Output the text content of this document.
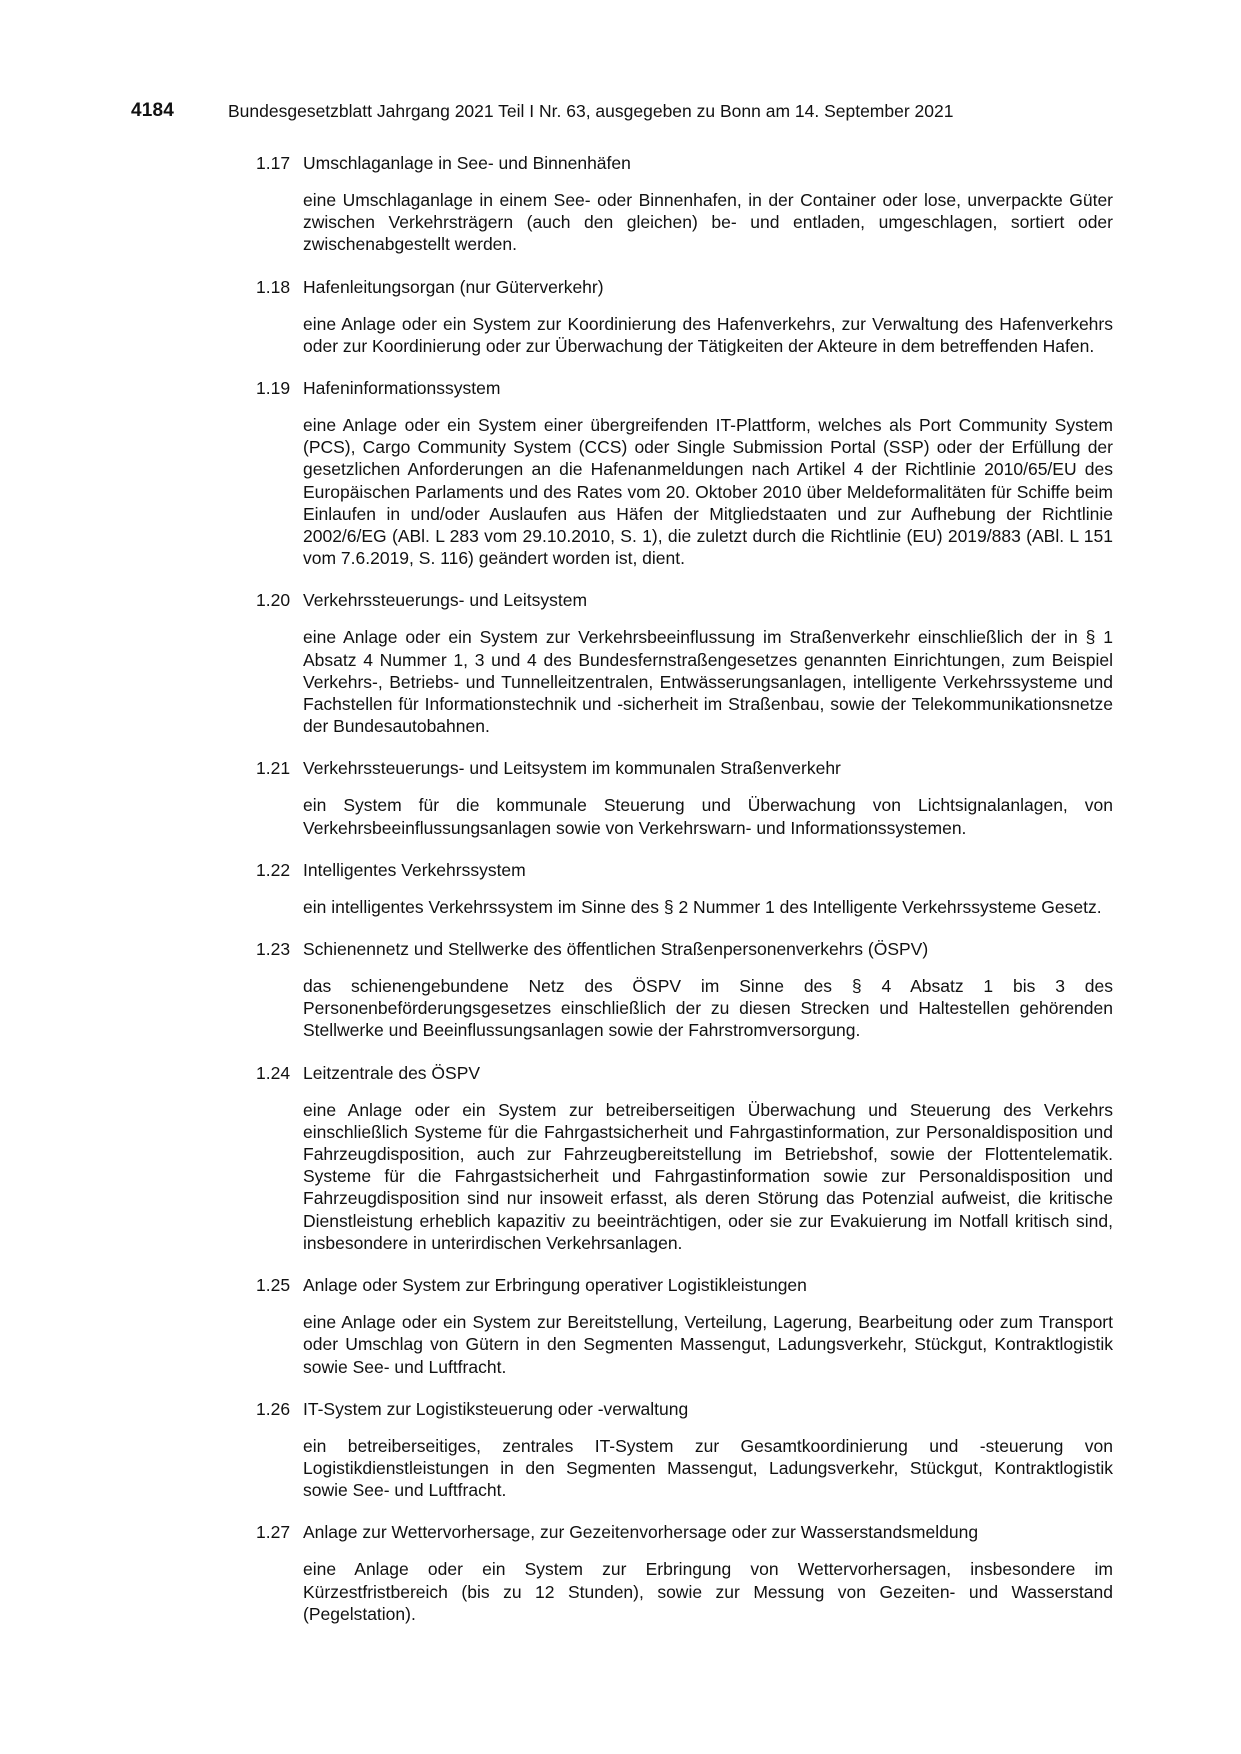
4184	Bundesgesetzblatt Jahrgang 2021 Teil I Nr. 63, ausgegeben zu Bonn am 14. September 2021
1.17 Umschlaganlage in See- und Binnenhäfen
eine Umschlaganlage in einem See- oder Binnenhafen, in der Container oder lose, unverpackte Güter zwischen Verkehrsträgern (auch den gleichen) be- und entladen, umgeschlagen, sortiert oder zwischenabgestellt werden.
1.18 Hafenleitungsorgan (nur Güterverkehr)
eine Anlage oder ein System zur Koordinierung des Hafenverkehrs, zur Verwaltung des Hafenverkehrs oder zur Koordinierung oder zur Überwachung der Tätigkeiten der Akteure in dem betreffenden Hafen.
1.19 Hafeninformationssystem
eine Anlage oder ein System einer übergreifenden IT-Plattform, welches als Port Community System (PCS), Cargo Community System (CCS) oder Single Submission Portal (SSP) oder der Erfüllung der gesetzlichen Anforderungen an die Hafenanmeldungen nach Artikel 4 der Richtlinie 2010/65/EU des Europäischen Parlaments und des Rates vom 20. Oktober 2010 über Meldeformalitäten für Schiffe beim Einlaufen in und/oder Auslaufen aus Häfen der Mitgliedstaaten und zur Aufhebung der Richtlinie 2002/6/EG (ABl. L 283 vom 29.10.2010, S. 1), die zuletzt durch die Richtlinie (EU) 2019/883 (ABl. L 151 vom 7.6.2019, S. 116) geändert worden ist, dient.
1.20 Verkehrssteuerungs- und Leitsystem
eine Anlage oder ein System zur Verkehrsbeeinflussung im Straßenverkehr einschließlich der in § 1 Absatz 4 Nummer 1, 3 und 4 des Bundesfernstraßengesetzes genannten Einrichtungen, zum Beispiel Verkehrs-, Betriebs- und Tunnelleitzentralen, Entwässerungsanlagen, intelligente Verkehrssysteme und Fachstellen für Informationstechnik und -sicherheit im Straßenbau, sowie der Telekommunikationsnetze der Bundesautobahnen.
1.21 Verkehrssteuerungs- und Leitsystem im kommunalen Straßenverkehr
ein System für die kommunale Steuerung und Überwachung von Lichtsignalanlagen, von Verkehrsbeeinflussungsanlagen sowie von Verkehrswarn- und Informationssystemen.
1.22 Intelligentes Verkehrssystem
ein intelligentes Verkehrssystem im Sinne des § 2 Nummer 1 des Intelligente Verkehrssysteme Gesetz.
1.23 Schienennetz und Stellwerke des öffentlichen Straßenpersonenverkehrs (ÖSPV)
das schienengebundene Netz des ÖSPV im Sinne des § 4 Absatz 1 bis 3 des Personenbeförderungsgesetzes einschließlich der zu diesen Strecken und Haltestellen gehörenden Stellwerke und Beeinflussungsanlagen sowie der Fahrstromversorgung.
1.24 Leitzentrale des ÖSPV
eine Anlage oder ein System zur betreiberseitigen Überwachung und Steuerung des Verkehrs einschließlich Systeme für die Fahrgastsicherheit und Fahrgastinformation, zur Personaldisposition und Fahrzeugdisposition, auch zur Fahrzeugbereitstellung im Betriebshof, sowie der Flottentelematik. Systeme für die Fahrgastsicherheit und Fahrgastinformation sowie zur Personaldisposition und Fahrzeugdisposition sind nur insoweit erfasst, als deren Störung das Potenzial aufweist, die kritische Dienstleistung erheblich kapazitiv zu beeinträchtigen, oder sie zur Evakuierung im Notfall kritisch sind, insbesondere in unterirdischen Verkehrsanlagen.
1.25 Anlage oder System zur Erbringung operativer Logistikleistungen
eine Anlage oder ein System zur Bereitstellung, Verteilung, Lagerung, Bearbeitung oder zum Transport oder Umschlag von Gütern in den Segmenten Massengut, Ladungsverkehr, Stückgut, Kontraktlogistik sowie See- und Luftfracht.
1.26 IT-System zur Logistiksteuerung oder -verwaltung
ein betreiberseitiges, zentrales IT-System zur Gesamtkoordinierung und -steuerung von Logistikdienstleistungen in den Segmenten Massengut, Ladungsverkehr, Stückgut, Kontraktlogistik sowie See- und Luftfracht.
1.27 Anlage zur Wettervorhersage, zur Gezeitenvorhersage oder zur Wasserstandsmeldung
eine Anlage oder ein System zur Erbringung von Wettervorhersagen, insbesondere im Kürzestfristbereich (bis zu 12 Stunden), sowie zur Messung von Gezeiten- und Wasserstand (Pegelstation).
